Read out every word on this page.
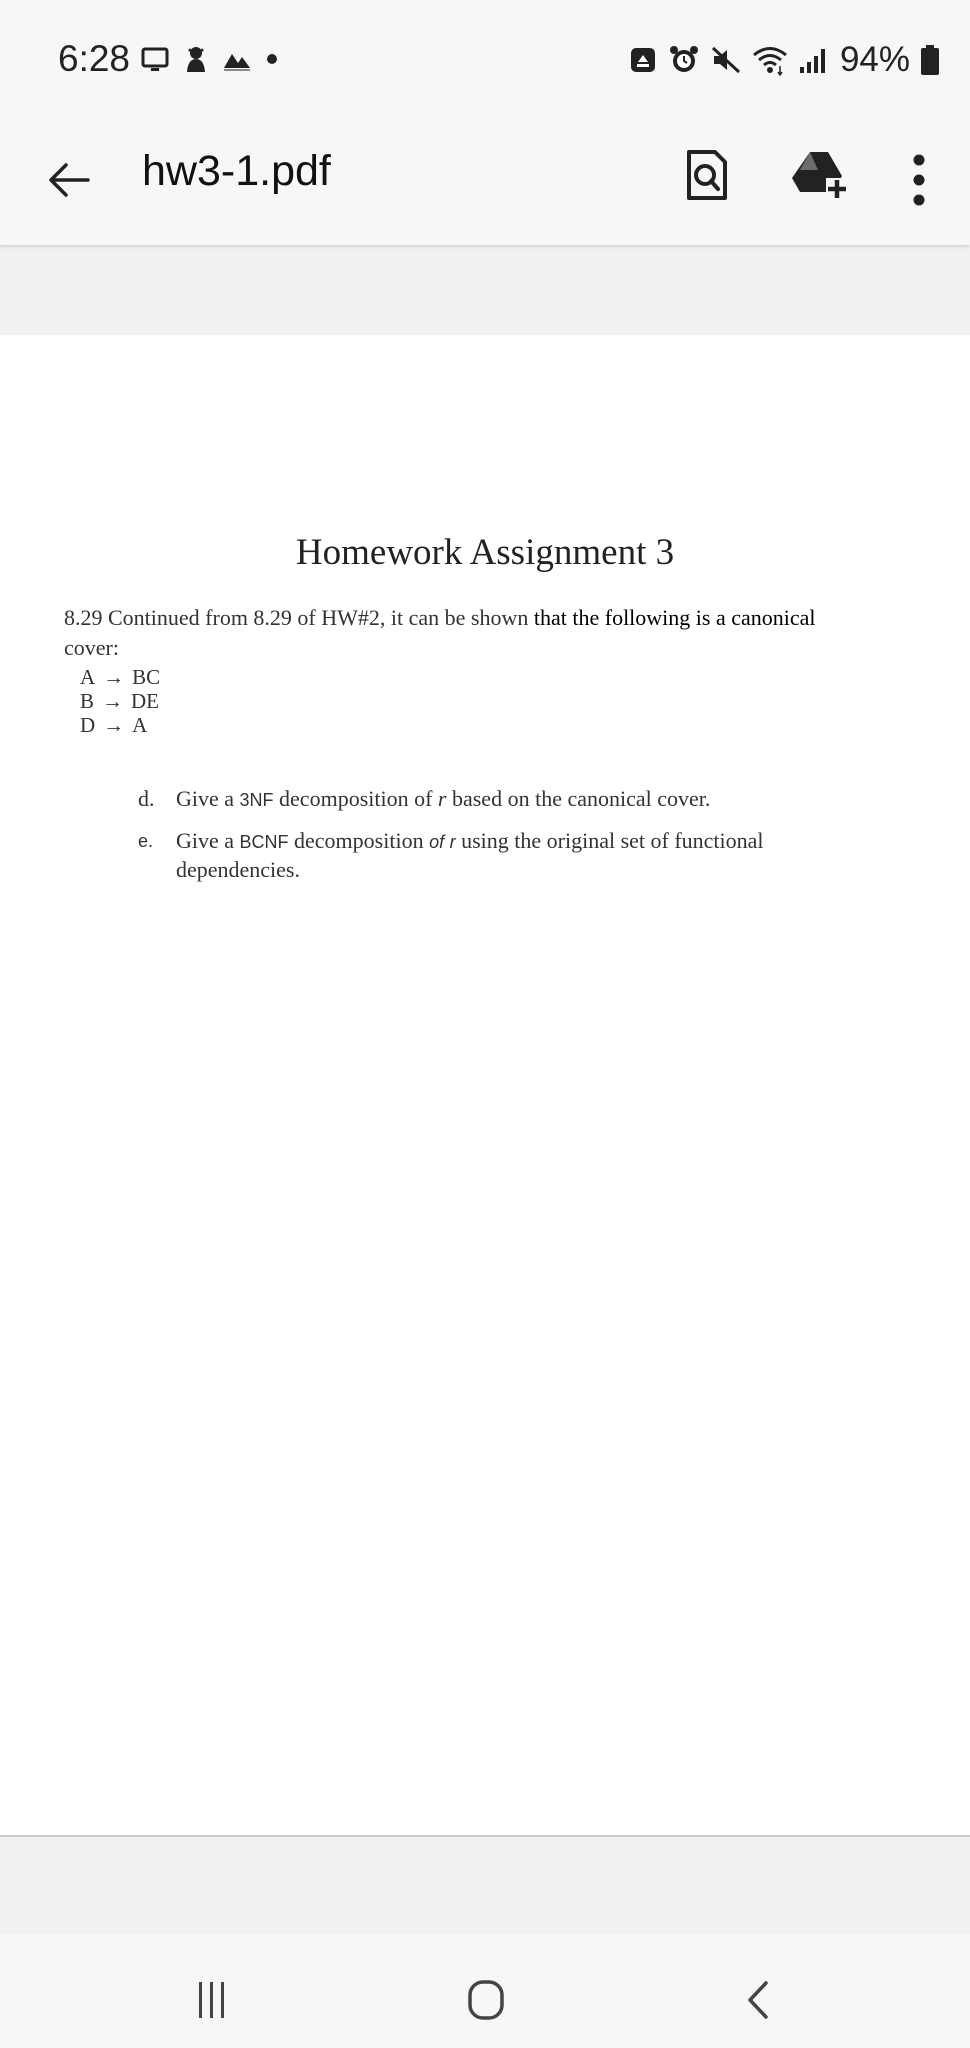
6:28	94%
hw3-1.pdf
Homework Assignment 3
8.29 Continued from 8.29 of HW#2, it can be shown that the following is a canonical
cover:
A → BC
B → DE
D → A
d. Give a 3NF decomposition of r based on the canonical cover.
e.	Give a BCNF decomposition of r using the original set of functional dependencies.
